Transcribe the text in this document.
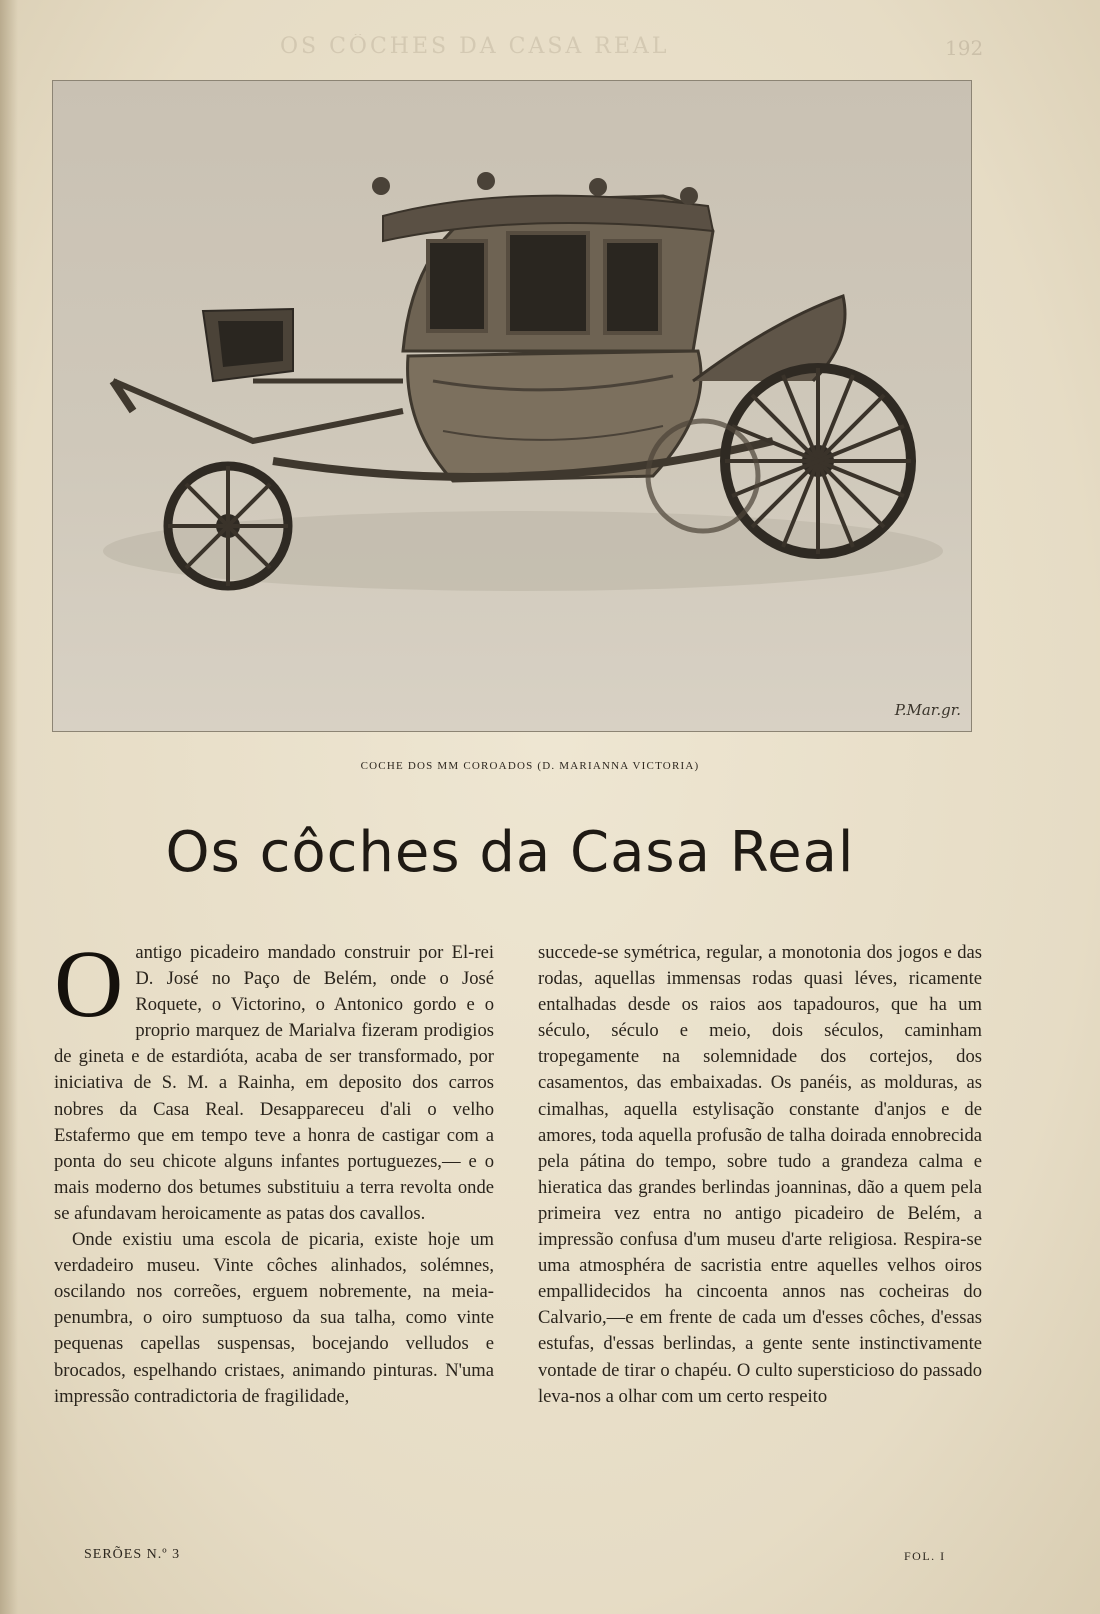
OS CÔCHES DA CASA REAL	192
P.Mar.gr.
COCHE DOS MM COROADOS (D. MARIANNA VICTORIA)
Os côches da Casa Real

Oantigo picadeiro mandado construir por El-rei D. José no Paço de Belém, onde o José Roquete, o Victorino, o Antonico gordo e o proprio marquez de Marialva fizeram prodigios de gineta e de estardióta, acaba de ser transformado, por iniciativa de S. M. a Rainha, em deposito dos carros nobres da Casa Real. Desappareceu d'ali o velho Estafermo que em tempo teve a honra de castigar com a ponta do seu chicote alguns infantes portuguezes,— e o mais moderno dos betumes substituiu a terra revolta onde se afundavam heroicamente as patas dos cavallos.

Onde existiu uma escola de picaria, existe hoje um verdadeiro museu. Vinte côches alinhados, solémnes, oscilando nos correões, erguem nobremente, na meia-penumbra, o oiro sumptuoso da sua talha, como vinte pequenas capellas suspensas, bocejando velludos e brocados, espelhando cristaes, animando pinturas. N'uma impressão contradictoria de fragilidade,

succede-se symétrica, regular, a monotonia dos jogos e das rodas, aquellas immensas rodas quasi léves, ricamente entalhadas desde os raios aos tapadouros, que ha um século, século e meio, dois séculos, caminham tropegamente na solemnidade dos cortejos, dos casamentos, das embaixadas. Os panéis, as molduras, as cimalhas, aquella estylisação constante d'anjos e de amores, toda aquella profusão de talha doirada ennobrecida pela pátina do tempo, sobre tudo a grandeza calma e hieratica das grandes berlindas joanninas, dão a quem pela primeira vez entra no antigo picadeiro de Belém, a impressão confusa d'um museu d'arte religiosa. Respira-se uma atmosphéra de sacristia entre aquelles velhos oiros empallidecidos ha cincoenta annos nas cocheiras do Calvario,—e em frente de cada um d'esses côches, d'essas estufas, d'essas berlindas, a gente sente instinctivamente vontade de tirar o chapéu. O culto supersticioso do passado leva-nos a olhar com um certo respeito

SERÕES N.º 3	FOL. I
